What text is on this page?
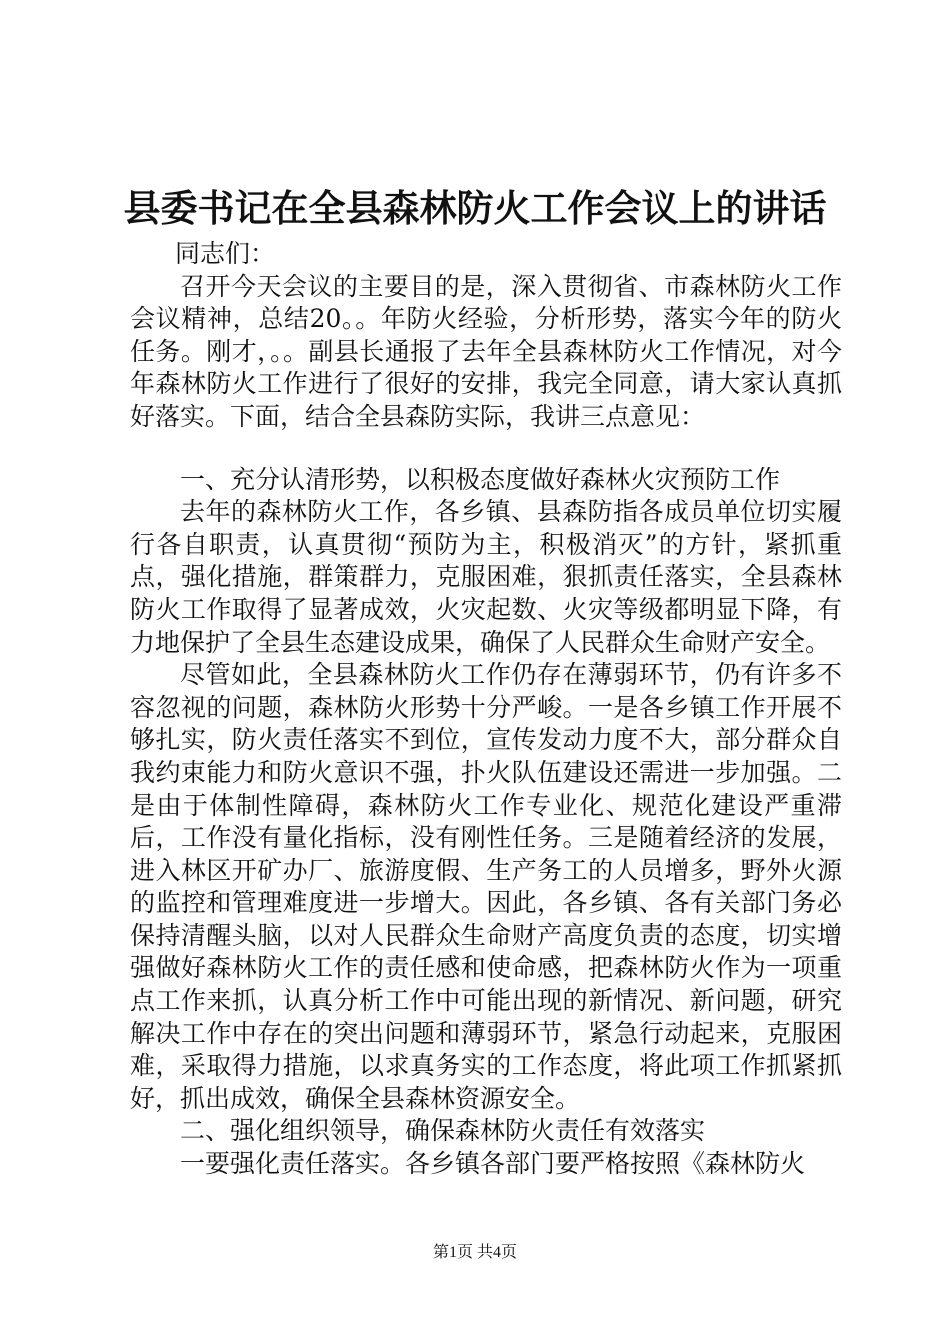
县委书记在全县森林防火工作会议上的讲话

同志们：

召开今天会议的主要目的是，深入贯彻省、市森林防火工作会议精神，总结20。。年防火经验，分析形势，落实今年的防火任务。刚才，。。副县长通报了去年全县森林防火工作情况，对今年森林防火工作进行了很好的安排，我完全同意，请大家认真抓好落实。下面，结合全县森防实际，我讲三点意见：

一、充分认清形势，以积极态度做好森林火灾预防工作

去年的森林防火工作，各乡镇、县森防指各成员单位切实履行各自职责，认真贯彻“预防为主，积极消灭”的方针，紧抓重点，强化措施，群策群力，克服困难，狠抓责任落实，全县森林防火工作取得了显著成效，火灾起数、火灾等级都明显下降，有力地保护了全县生态建设成果，确保了人民群众生命财产安全。

尽管如此，全县森林防火工作仍存在薄弱环节，仍有许多不容忽视的问题，森林防火形势十分严峻。一是各乡镇工作开展不够扎实，防火责任落实不到位，宣传发动力度不大，部分群众自我约束能力和防火意识不强，扑火队伍建设还需进一步加强。二是由于体制性障碍，森林防火工作专业化、规范化建设严重滞后，工作没有量化指标，没有刚性任务。三是随着经济的发展，进入林区开矿办厂、旅游度假、生产务工的人员增多，野外火源的监控和管理难度进一步增大。因此，各乡镇、各有关部门务必保持清醒头脑，以对人民群众生命财产高度负责的态度，切实增强做好森林防火工作的责任感和使命感，把森林防火作为一项重点工作来抓，认真分析工作中可能出现的新情况、新问题，研究解决工作中存在的突出问题和薄弱环节，紧急行动起来，克服困难，采取得力措施，以求真务实的工作态度，将此项工作抓紧抓好，抓出成效，确保全县森林资源安全。

二、强化组织领导，确保森林防火责任有效落实

一要强化责任落实。各乡镇各部门要严格按照《森林防火

第1页 共4页
